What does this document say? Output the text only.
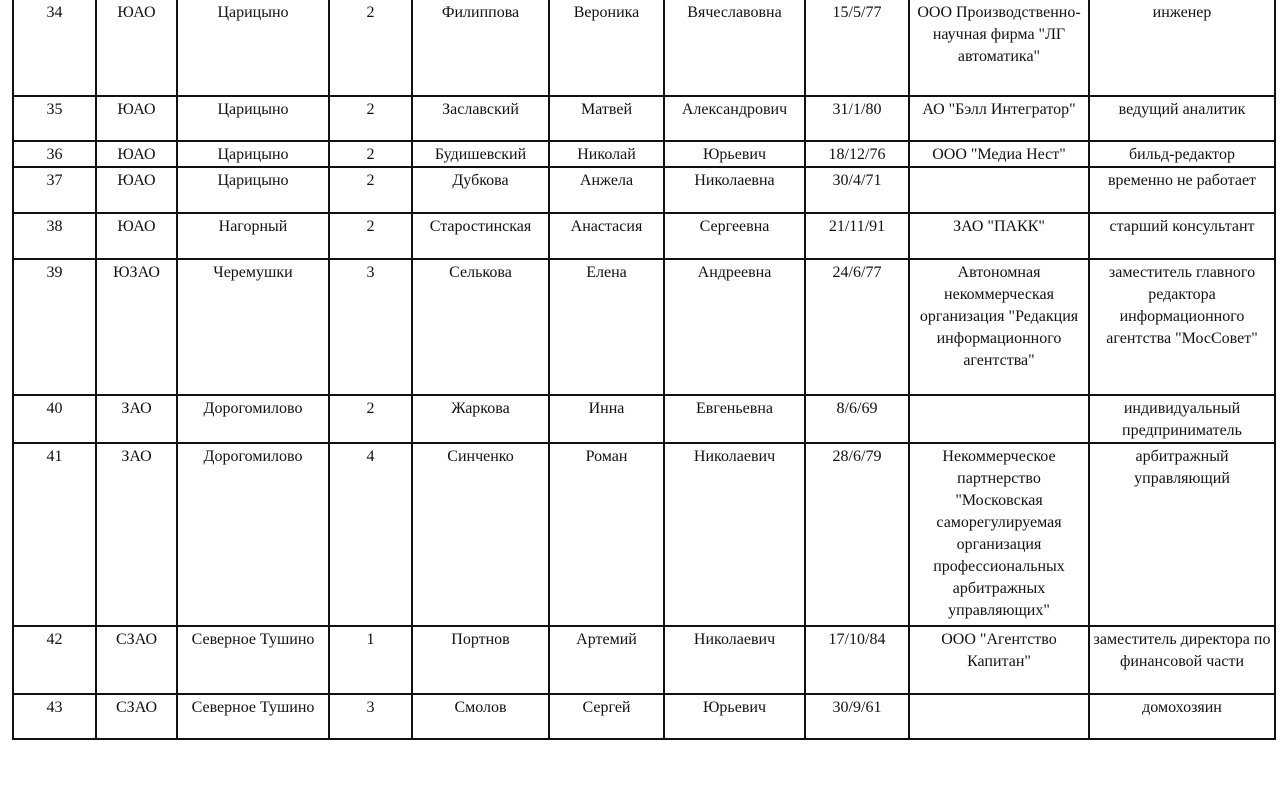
34	ЮАО	Царицыно	2	Филиппова	Вероника	Вячеславовна	15/5/77	ООО Производственно-научная фирма "ЛГ автоматика"	инженер
35	ЮАО	Царицыно	2	Заславский	Матвей	Александрович	31/1/80	АО "Бэлл Интегратор"	ведущий аналитик
36	ЮАО	Царицыно	2	Будишевский	Николай	Юрьевич	18/12/76	ООО "Медиа Нест"	бильд-редактор
37	ЮАО	Царицыно	2	Дубкова	Анжела	Николаевна	30/4/71		временно не работает
38	ЮАО	Нагорный	2	Старостинская	Анастасия	Сергеевна	21/11/91	ЗАО "ПАКК"	старший консультант
39	ЮЗАО	Черемушки	3	Селькова	Елена	Андреевна	24/6/77	Автономная некоммерческая организация "Редакция информационного агентства"	заместитель главного редактора информационного агентства "МосСовет"
40	ЗАО	Дорогомилово	2	Жаркова	Инна	Евгеньевна	8/6/69		индивидуальный предприниматель
41	ЗАО	Дорогомилово	4	Синченко	Роман	Николаевич	28/6/79	Некоммерческое партнерство "Московская саморегулируемая организация профессиональных арбитражных управляющих"	арбитражный управляющий
42	СЗАО	Северное Тушино	1	Портнов	Артемий	Николаевич	17/10/84	ООО "Агентство Капитан"	заместитель директора по финансовой части
43	СЗАО	Северное Тушино	3	Смолов	Сергей	Юрьевич	30/9/61		домохозяин
